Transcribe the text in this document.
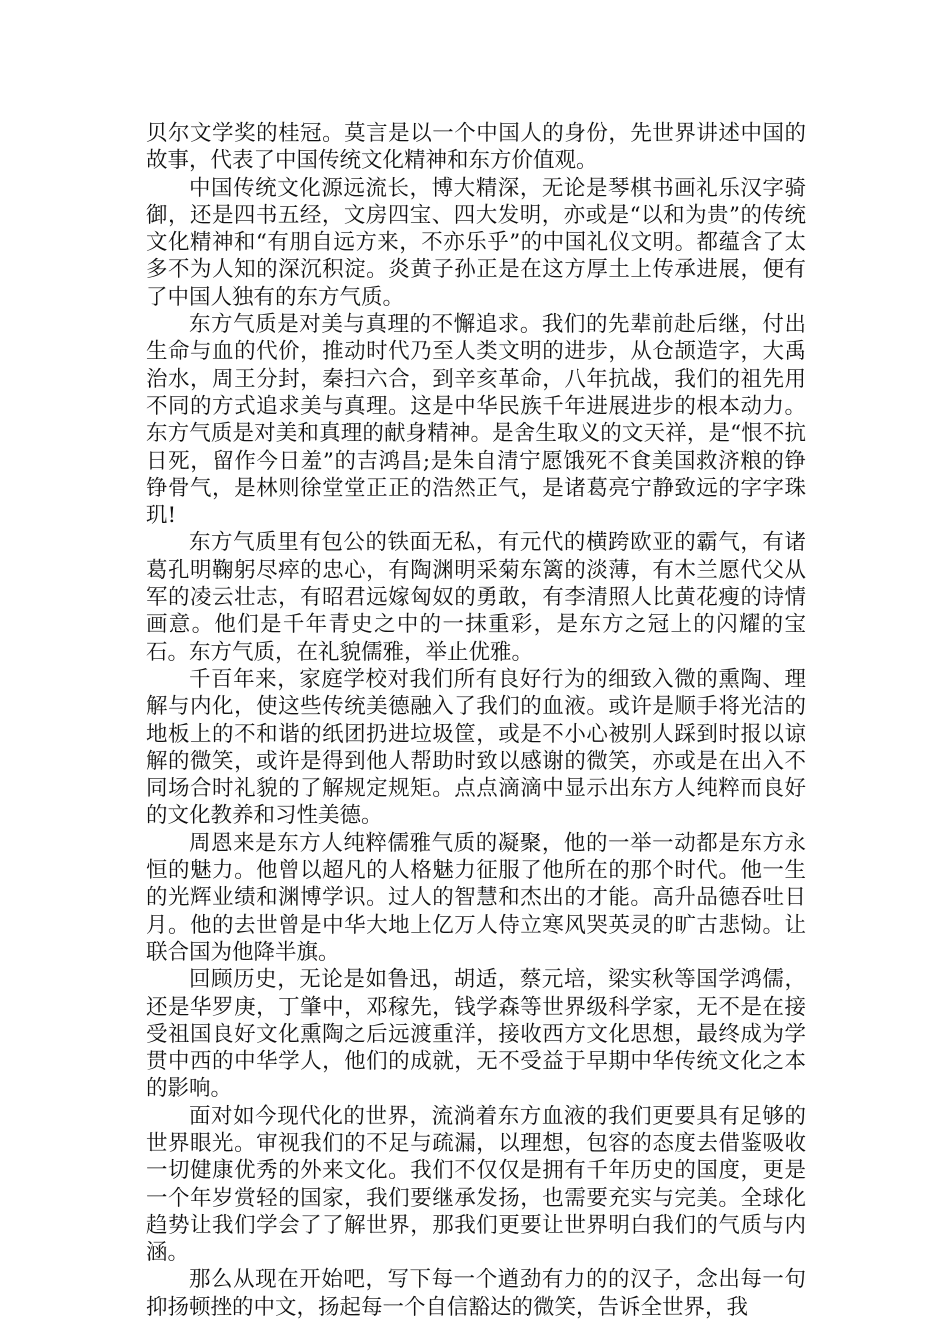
贝尔文学奖的桂冠。莫言是以一个中国人的身份，先世界讲述中国的故事，代表了中国传统文化精神和东方价值观。

中国传统文化源远流长，博大精深，无论是琴棋书画礼乐汉字骑御，还是四书五经，文房四宝、四大发明，亦或是“以和为贵”的传统文化精神和“有朋自远方来，不亦乐乎”的中国礼仪文明。都蕴含了太多不为人知的深沉积淀。炎黄子孙正是在这方厚土上传承进展，便有了中国人独有的东方气质。

东方气质是对美与真理的不懈追求。我们的先辈前赴后继，付出生命与血的代价，推动时代乃至人类文明的进步，从仓颉造字，大禹治水，周王分封，秦扫六合，到辛亥革命，八年抗战，我们的祖先用不同的方式追求美与真理。这是中华民族千年进展进步的根本动力。东方气质是对美和真理的献身精神。是舍生取义的文天祥，是“恨不抗日死，留作今日羞”的吉鸿昌;是朱自清宁愿饿死不食美国救济粮的铮铮骨气，是林则徐堂堂正正的浩然正气，是诸葛亮宁静致远的字字珠玑!

东方气质里有包公的铁面无私，有元代的横跨欧亚的霸气，有诸葛孔明鞠躬尽瘁的忠心，有陶渊明采菊东篱的淡薄，有木兰愿代父从军的凌云壮志，有昭君远嫁匈奴的勇敢，有李清照人比黄花瘦的诗情画意。他们是千年青史之中的一抹重彩，是东方之冠上的闪耀的宝石。东方气质，在礼貌儒雅，举止优雅。

千百年来，家庭学校对我们所有良好行为的细致入微的熏陶、理解与内化，使这些传统美德融入了我们的血液。或许是顺手将光洁的地板上的不和谐的纸团扔进垃圾筐，或是不小心被别人踩到时报以谅解的微笑，或许是得到他人帮助时致以感谢的微笑，亦或是在出入不同场合时礼貌的了解规定规矩。点点滴滴中显示出东方人纯粹而良好的文化教养和习性美德。

周恩来是东方人纯粹儒雅气质的凝聚，他的一举一动都是东方永恒的魅力。他曾以超凡的人格魅力征服了他所在的那个时代。他一生的光辉业绩和渊博学识。过人的智慧和杰出的才能。高升品德吞吐日月。他的去世曾是中华大地上亿万人侍立寒风哭英灵的旷古悲恸。让联合国为他降半旗。

回顾历史，无论是如鲁迅，胡适，蔡元培，梁实秋等国学鸿儒，还是华罗庚，丁肇中，邓稼先，钱学森等世界级科学家，无不是在接受祖国良好文化熏陶之后远渡重洋，接收西方文化思想，最终成为学贯中西的中华学人，他们的成就，无不受益于早期中华传统文化之本的影响。

面对如今现代化的世界，流淌着东方血液的我们更要具有足够的世界眼光。审视我们的不足与疏漏，以理想，包容的态度去借鉴吸收一切健康优秀的外来文化。我们不仅仅是拥有千年历史的国度，更是一个年岁赏轻的国家，我们要继承发扬，也需要充实与完美。全球化趋势让我们学会了了解世界，那我们更要让世界明白我们的气质与内涵。

那么从现在开始吧，写下每一个遒劲有力的的汉子，念出每一句抑扬顿挫的中文，扬起每一个自信豁达的微笑，告诉全世界，我
